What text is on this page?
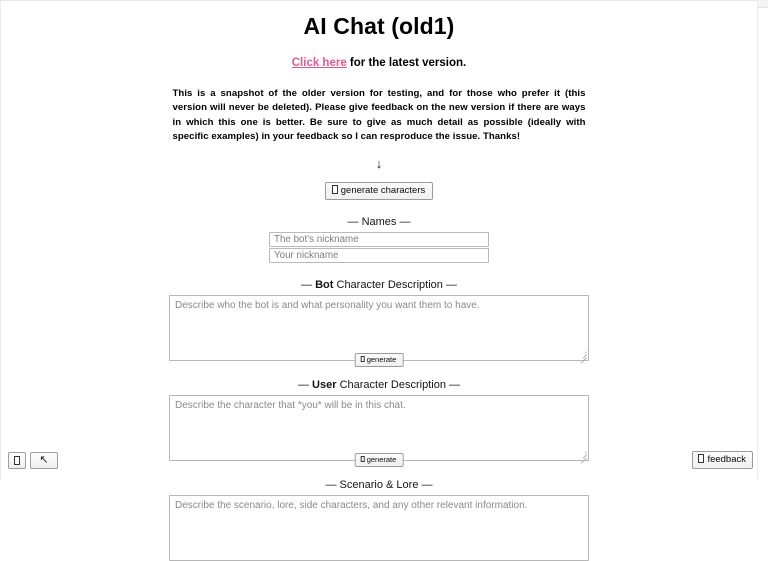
AI Chat (old1)
Click here for the latest version.

This is a snapshot of the older version for testing, and for those who prefer it (this version will never be deleted). Please give feedback on the new version if there are ways in which this one is better. Be sure to give as much detail as possible (ideally with specific examples) in your feedback so I can resproduce the issue. Thanks!

↓
generate characters
— Names —
The bot's nickname
Your nickname
— Bot Character Description —
Describe who the bot is and what personality you want them to have.
generate
— User Character Description —
Describe the character that *you* will be in this chat.
generate
— Scenario & Lore —
Describe the scenario, lore, side characters, and any other relevant information.
↖	feedback
